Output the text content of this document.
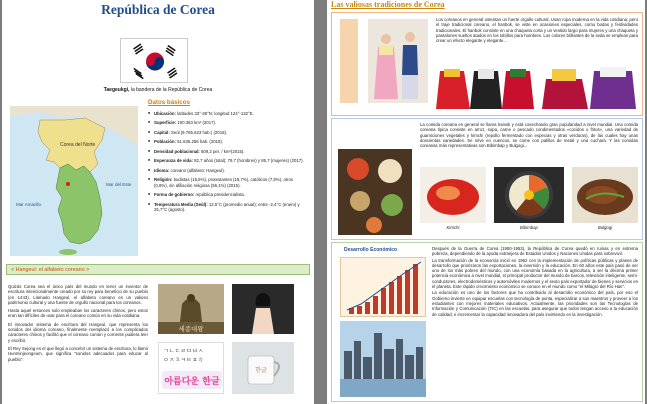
República de Corea
Taegeukgi, la bandera de la República de Corea
Corea del Norte
Mar del Este
Mar Amarillo
Datos básicos
■ Ubicación: latitudes 33°-38°N; longitud 124°-132°E.
■ Superficie: 100.363 km² (2017).
■ Capital: Seúl (9.765.623 hab.) (2018).
■ Población: 51.635.256 hab. (2018).
■ Densidad poblacional: 509,2 per. / km²(2015).
■ Esperanza de vida: 82,7 años (total); 79,7 (hombres) y 85,7 (mujeres) (2017).
■ Idioma: coreano (alfabeto: Hangeul).
■ Religión: budistas (15,5%), protestantes (19,7%), católicos (7,9%), otros (0,8%), sin afiliación religiosa (56,1%) (2015).
■ Forma de gobierno: república presidencialista.
■ Temperatura Media (Seúl): 12,5°C (promedio anual); entre -2,4°C (enero) y 25,7°C (agosto).
< Hangeul: el alfabeto coreano >

Quizás Corea sea el único país del mundo en tener un inventor de escritura intencionalmente creado por su rey para beneficio de su pueblo (en 1443). Llamado Hangeul, el alfabeto coreano es un valioso patrimonio cultural y una fuente de orgullo nacional para los coreanos.

Hasta aquel entonces solo empleaban los caracteres chinos, pero estos eran tan difíciles de usar para el coreano común en su vida cotidiana.

El innovador sistema de escritura del Hangeul, que representa los sonidos del idioma coreano, finalmente reemplazó a los complicados caracteres chinos y facilitó que el coreano común y corriente pudiera leer y escribir.

El Rey Sejong es el que llegó a concebir un sistema de escritura, lo llamó Hunminjeongeum, que significa "sonidos adecuados para educar al pueblo".

세종대왕
ㄱㄴㄷㄹㅁㅂㅅ
ㅇㅈㅊㅋㅌㅍㅎ
아름다운 한글
한글
Las valiosas tradiciones de Corea
Los coreanos en general ostentan un fuerte orgullo cultural. Usan ropa moderna en la vida cotidiana, pero el traje tradicional coreano, el hanbok, se viste en ocasiones especiales, como bodas y festividades tradicionales. El hanbok consiste en una chaqueta corta y un vestido largo para mujeres y una chaqueta y pantalones sueltos atados en los tobillos para hombres. Los colores brillantes de la seda se emplean para crear un efecto elegante y elegante...
La comida coreana en general se llama hansik y está cosechando gran popularidad a nivel mundial. Una comida coreana típica consiste en arroz, sopa, carne o pescado condimentados «cocidos o fritos», una variedad de guarniciones vegetales y kimchi (repollo fermentado con especias y otras verduras), de las cuales hay unas doscientas variedades. Se sirve en cuencos, se come con palillos de metal y una cuchara. Y las comidas coreanas más representativas son Bibimbap y Bulgogi...
Kimchi	Bibimbap	Bulgogi
Desarrollo Económico	Después de la Guerra de Corea (1950-1953), la República de Corea quedó en ruinas y en extrema pobreza, dependiendo de la ayuda extranjera de Estados Unidos y Naciones Unidas para sobrevivir.

La transformación de la economía inició en 1962 con la implementación de políticas públicas y planes de desarrollo que priorizaron las exportaciones, la inversión y la educación. En 60 años este país pasó de ser uno de los más pobres del mundo, con una economía basada en la agricultura, a ser la décima primer potencia económica a nivel mundial, el principal productor del mundo de barcos, televisión inteligente, semi-conductores, electrodomésticos y automóviles modernos y el sexto país exportador de bienes y servicios en el planeta. Este rápido crecimiento económico se conoce en el mundo como "el Milagro del Río Han".

La educación es uno de los factores que ha contribuido al desarrollo económico del país, por eso el Gobierno invierte en equipar escuelas con tecnología de punta, especializar a sus maestros y proveer a los estudiantes con mejores materiales educativos. Actualmente, las prioridades son las Tecnologías de Información y Comunicación (TIC) en las escuelas, para asegurar que todos tengan acceso a la educación de calidad, e incrementar la capacidad innovadora del país invirtiendo en la investigación.

news 1
